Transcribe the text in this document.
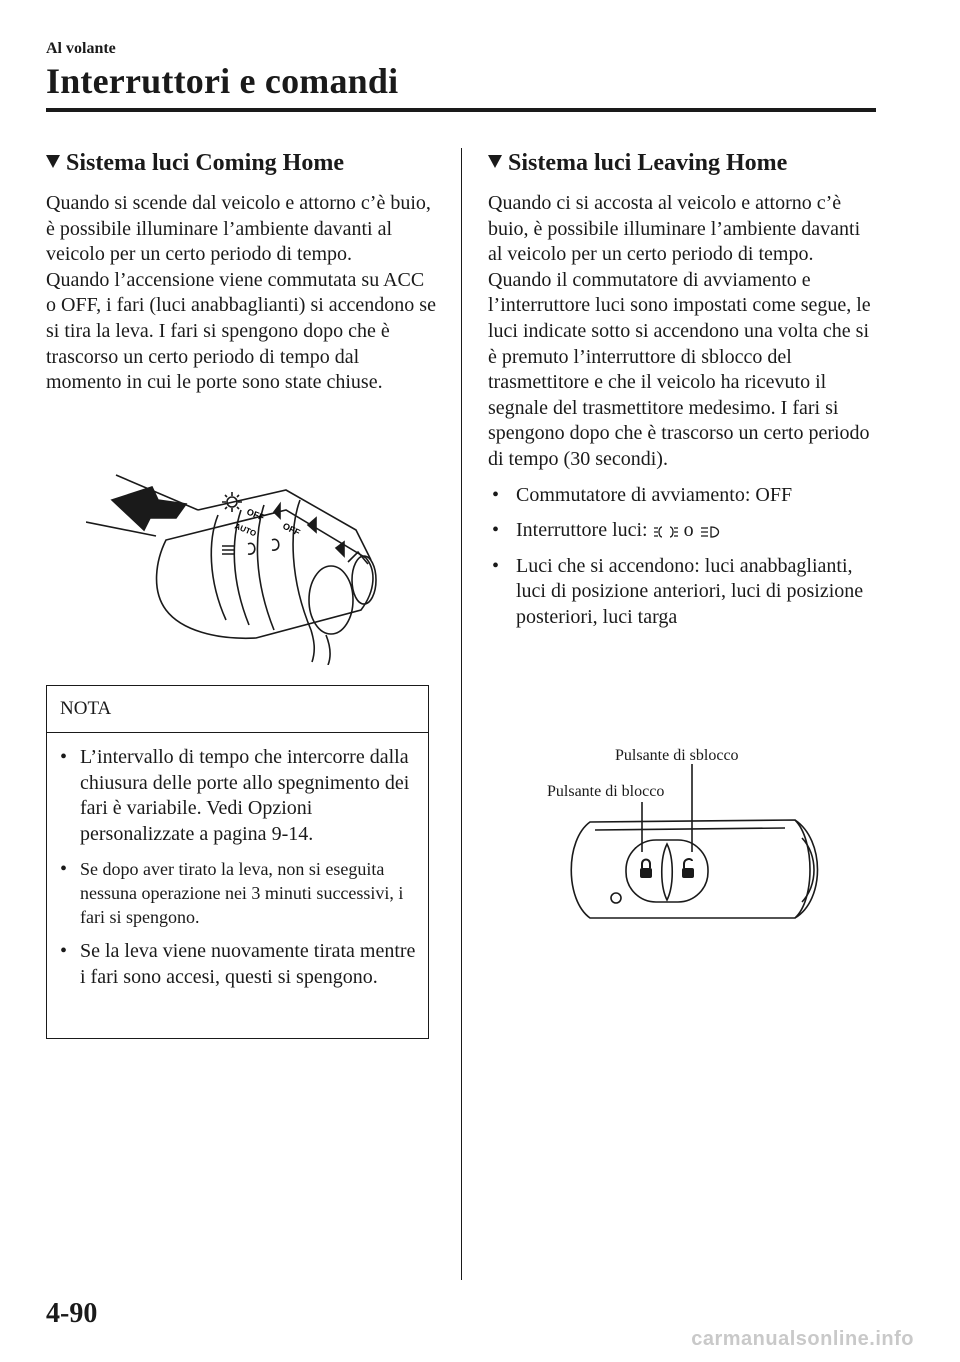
Al volante
Interruttori e comandi
Sistema luci Coming Home

Quando si scende dal veicolo e attorno c’è buio, è possibile illuminare l’ambiente davanti al veicolo per un certo periodo di tempo.

Quando l’accensione viene commutata su ACC o OFF, i fari (luci anabbaglianti) si accendono se si tira la leva. I fari si spengono dopo che è trascorso un certo periodo di tempo dal momento in cui le porte sono state chiuse.

OFF
AUTO	OFF
NOTA
• L’intervallo di tempo che intercorre dalla chiusura delle porte allo spegnimento dei fari è variabile. Vedi Opzioni personalizzate a pagina 9-14.
• Se dopo aver tirato la leva, non si eseguita nessuna operazione nei 3 minuti successivi, i fari si spengono.
• Se la leva viene nuovamente tirata mentre i fari sono accesi, questi si spengono.
Sistema luci Leaving Home

Quando ci si accosta al veicolo e attorno c’è buio, è possibile illuminare l’ambiente davanti al veicolo per un certo periodo di tempo.

Quando il commutatore di avviamento e l’interruttore luci sono impostati come segue, le luci indicate sotto si accendono una volta che si è premuto l’interruttore di sblocco del trasmettitore e che il veicolo ha ricevuto il segnale del trasmettitore medesimo. I fari si spengono dopo che è trascorso un certo periodo di tempo (30 secondi).

• Commutatore di avviamento: OFF
• Interruttore luci: o
• Luci che si accendono: luci anabbaglianti, luci di posizione anteriori, luci di posizione posteriori, luci targa
Pulsante di sblocco
Pulsante di blocco
4-90
carmanualsonline.info
